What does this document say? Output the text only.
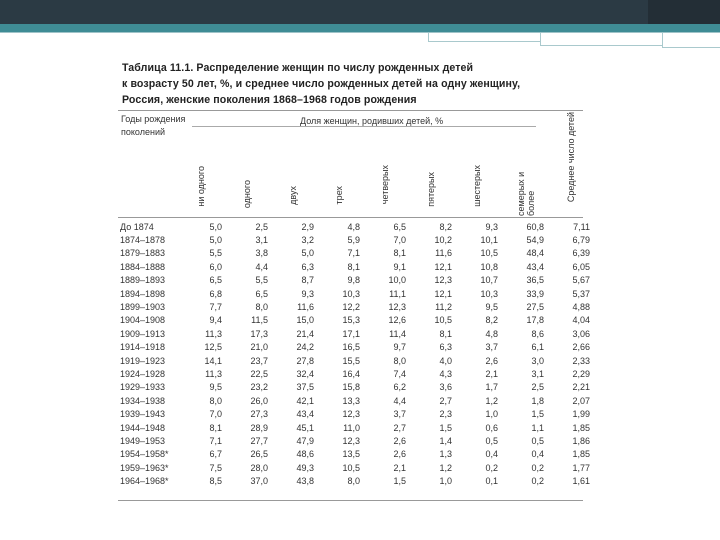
Таблица 11.1. Распределение женщин по числу рожденных детей
к возрасту 50 лет, %, и среднее число рожденных детей на одну женщину,
Россия, женские поколения 1868–1968 годов рождения
Годы рождения поколений
Доля женщин, родивших детей, %
ни одного	одного	двух	трех	четверых	пятерых	шестерых	семерых и более
Среднее число детей
До 1874	5,0	2,5	2,9	4,8	6,5	8,2	9,3	60,8	7,11
1874–1878	5,0	3,1	3,2	5,9	7,0	10,2	10,1	54,9	6,79
1879–1883	5,5	3,8	5,0	7,1	8,1	11,6	10,5	48,4	6,39
1884–1888	6,0	4,4	6,3	8,1	9,1	12,1	10,8	43,4	6,05
1889–1893	6,5	5,5	8,7	9,8	10,0	12,3	10,7	36,5	5,67
1894–1898	6,8	6,5	9,3	10,3	11,1	12,1	10,3	33,9	5,37
1899–1903	7,7	8,0	11,6	12,2	12,3	11,2	9,5	27,5	4,88
1904–1908	9,4	11,5	15,0	15,3	12,6	10,5	8,2	17,8	4,04
1909–1913	11,3	17,3	21,4	17,1	11,4	8,1	4,8	8,6	3,06
1914–1918	12,5	21,0	24,2	16,5	9,7	6,3	3,7	6,1	2,66
1919–1923	14,1	23,7	27,8	15,5	8,0	4,0	2,6	3,0	2,33
1924–1928	11,3	22,5	32,4	16,4	7,4	4,3	2,1	3,1	2,29
1929–1933	9,5	23,2	37,5	15,8	6,2	3,6	1,7	2,5	2,21
1934–1938	8,0	26,0	42,1	13,3	4,4	2,7	1,2	1,8	2,07
1939–1943	7,0	27,3	43,4	12,3	3,7	2,3	1,0	1,5	1,99
1944–1948	8,1	28,9	45,1	11,0	2,7	1,5	0,6	1,1	1,85
1949–1953	7,1	27,7	47,9	12,3	2,6	1,4	0,5	0,5	1,86
1954–1958*	6,7	26,5	48,6	13,5	2,6	1,3	0,4	0,4	1,85
1959–1963*	7,5	28,0	49,3	10,5	2,1	1,2	0,2	0,2	1,77
1964–1968*	8,5	37,0	43,8	8,0	1,5	1,0	0,1	0,2	1,61
